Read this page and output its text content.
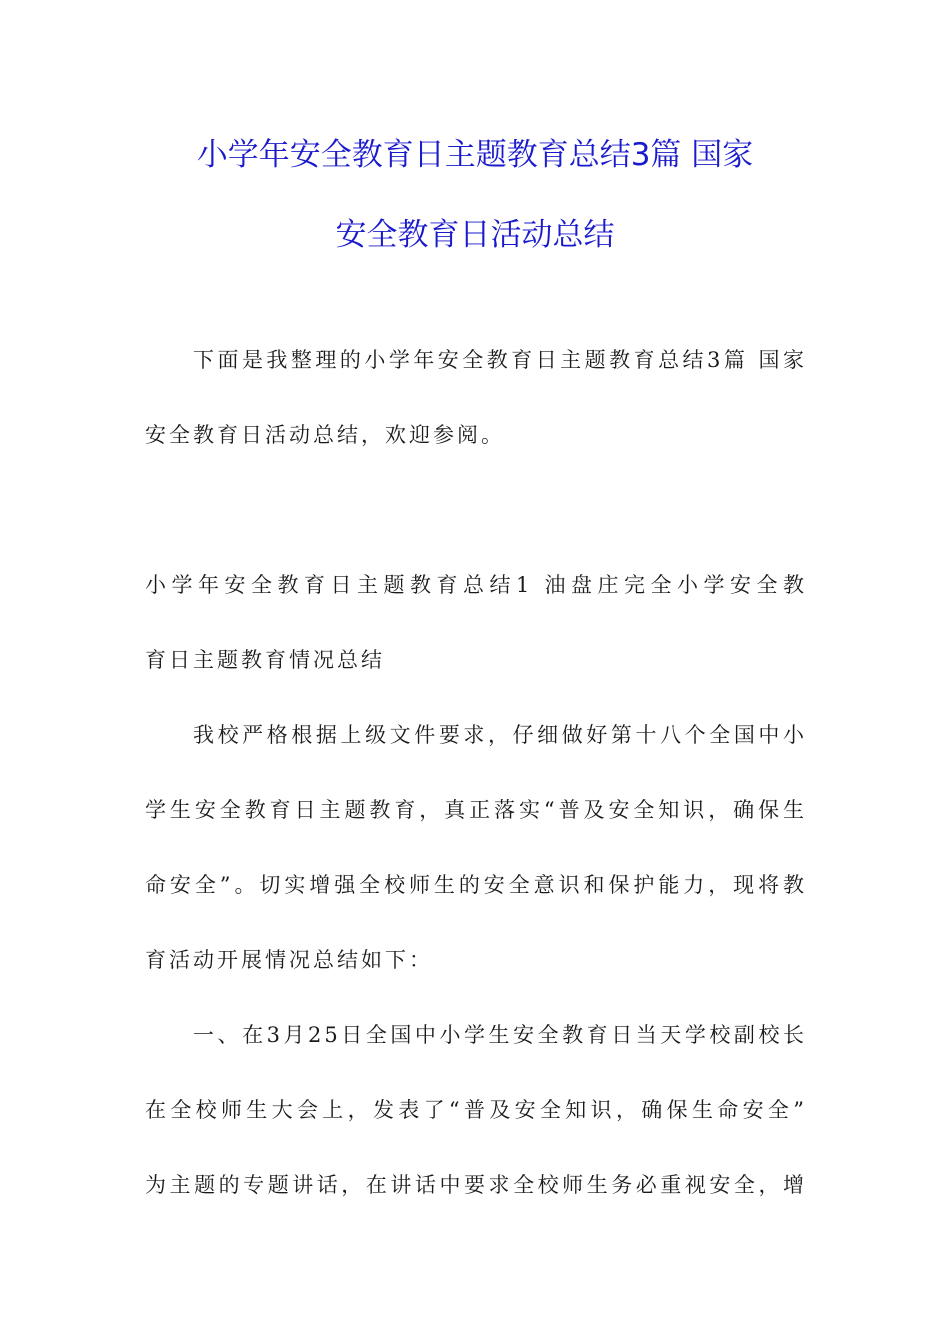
小学年安全教育日主题教育总结3篇 国家
安全教育日活动总结
下面是我整理的小学年安全教育日主题教育总结3篇 国家
安全教育日活动总结，欢迎参阅。
小学年安全教育日主题教育总结1 油盘庄完全小学安全教
育日主题教育情况总结
我校严格根据上级文件要求，仔细做好第十八个全国中小
学生安全教育日主题教育，真正落实“普及安全知识，确保生
命安全”。切实增强全校师生的安全意识和保护能力，现将教
育活动开展情况总结如下：
一、在3月25日全国中小学生安全教育日当天学校副校长
在全校师生大会上，发表了“普及安全知识，确保生命安全”
为主题的专题讲话，在讲话中要求全校师生务必重视安全，增
